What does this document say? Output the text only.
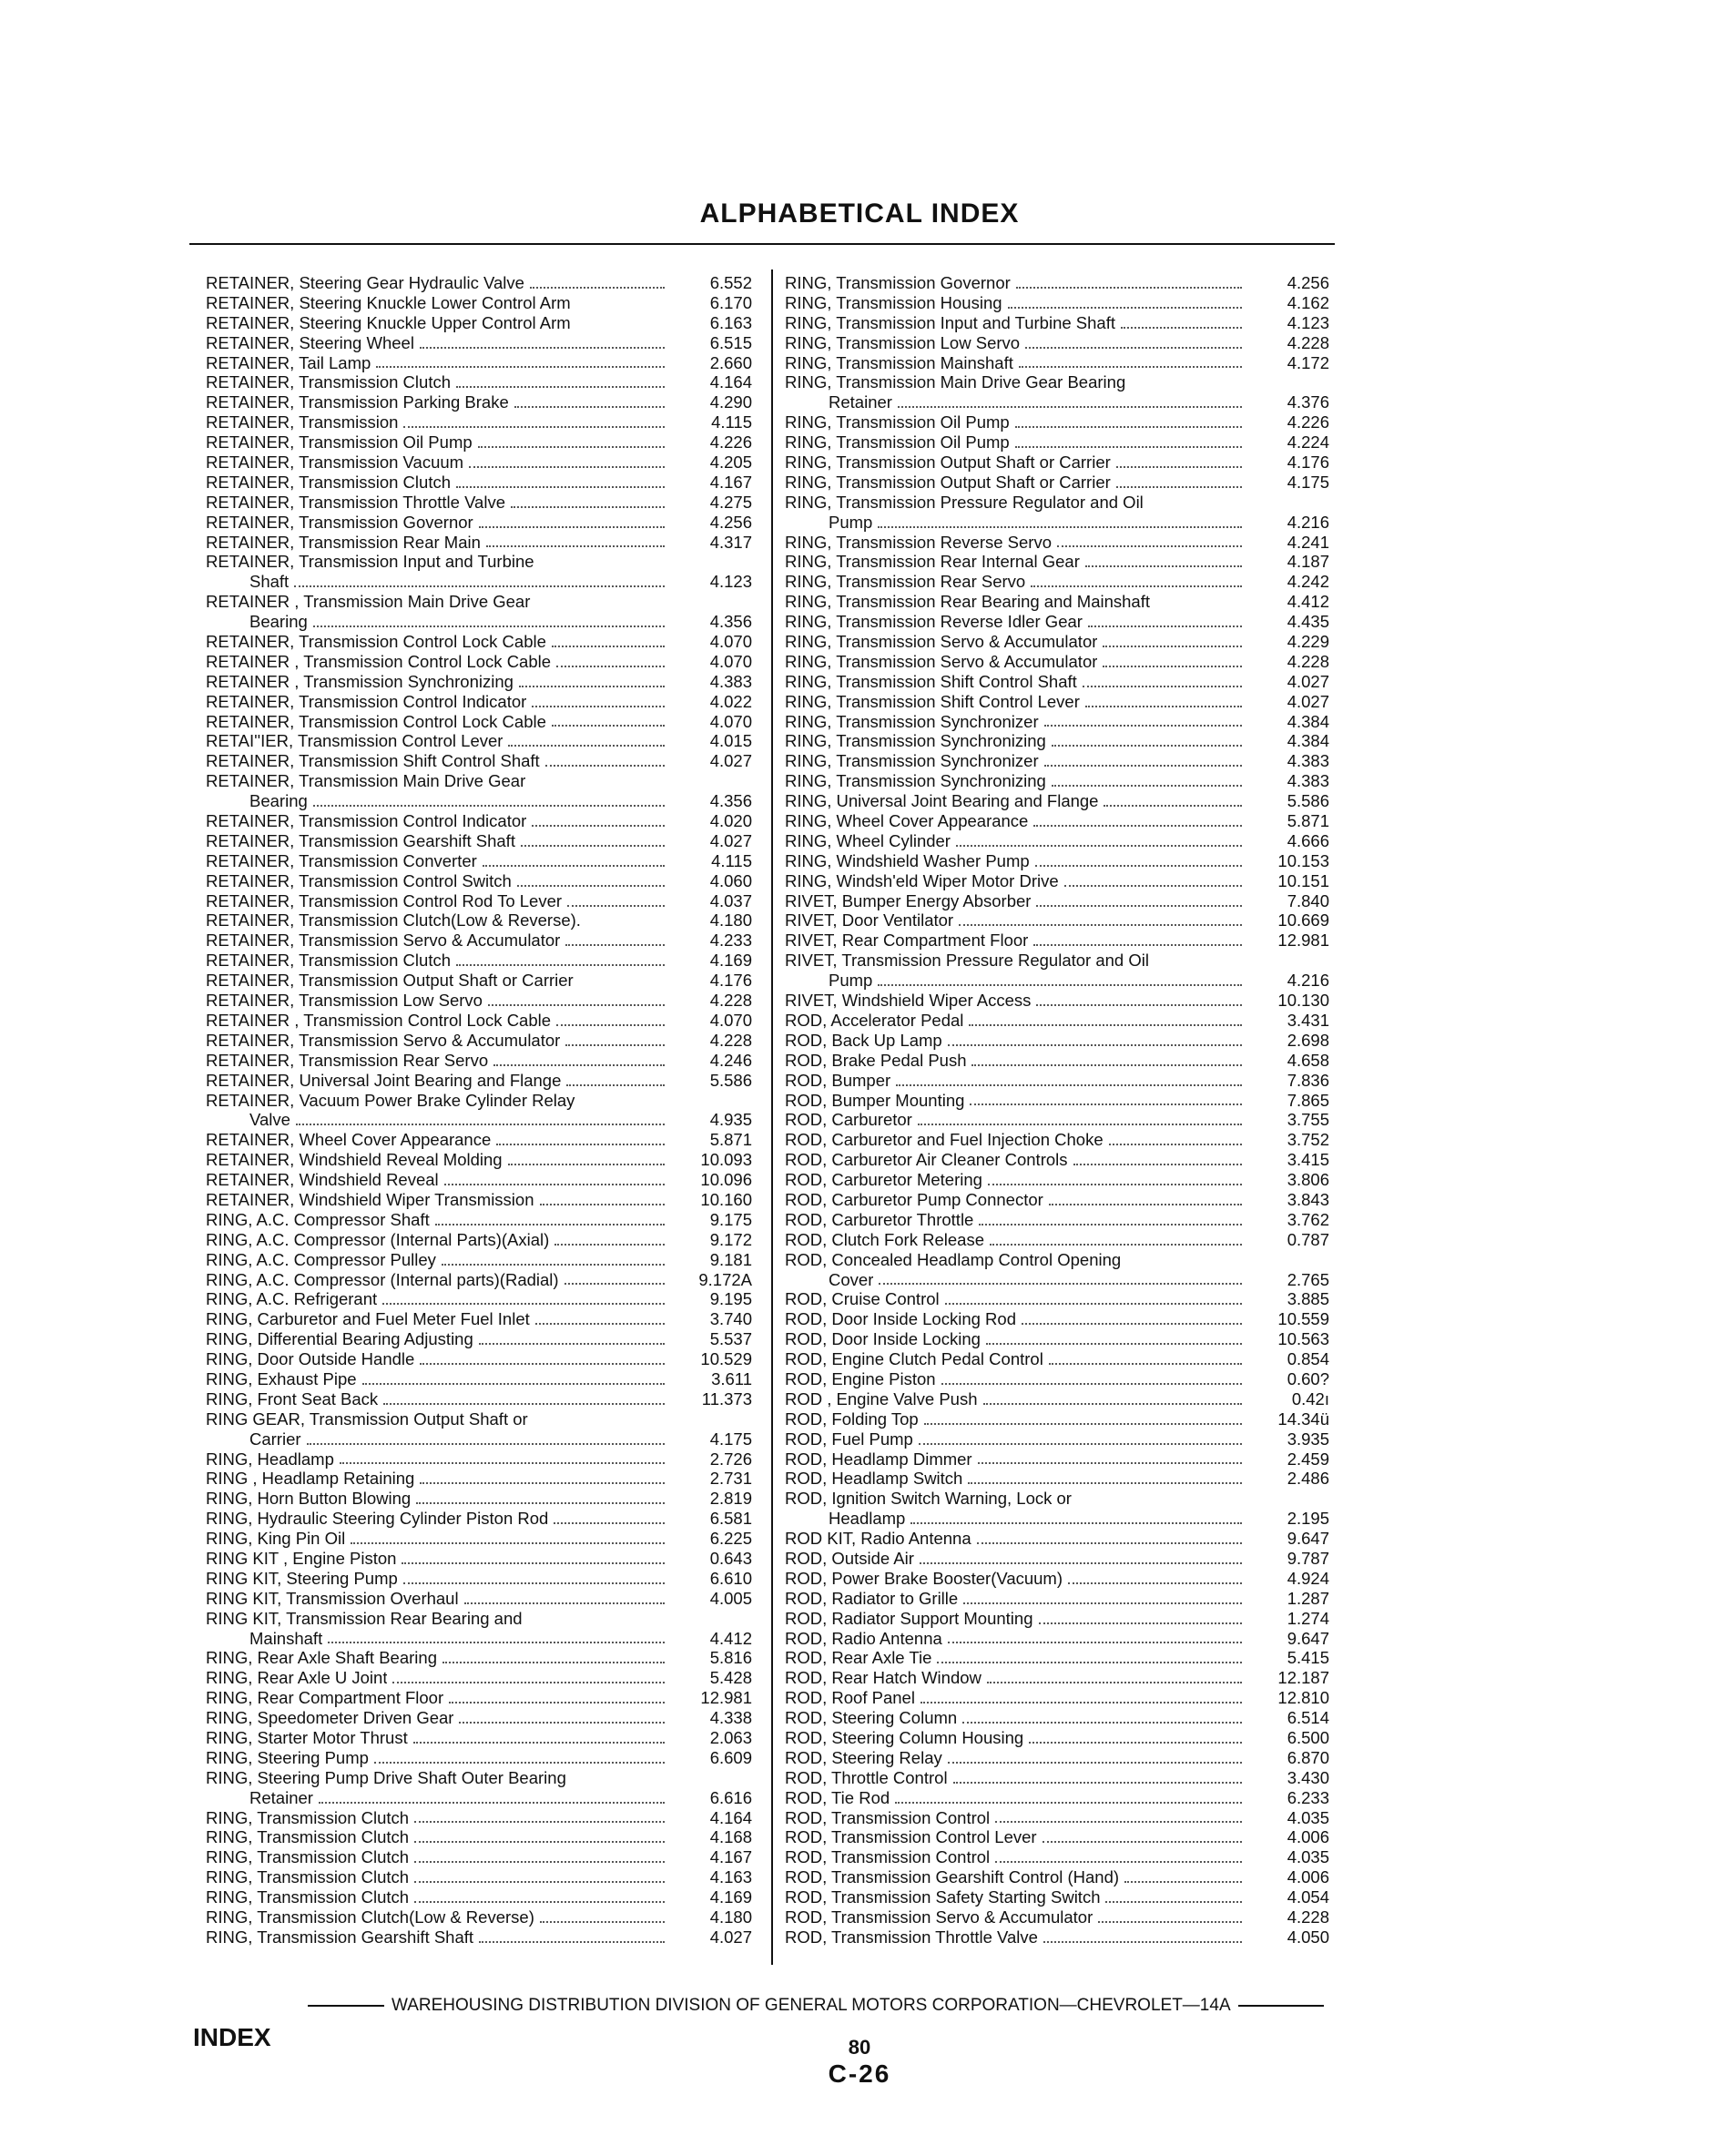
ALPHABETICAL INDEX
RETAINER, Steering Gear Hydraulic Valve	6.552
RETAINER, Steering Knuckle Lower Control Arm	6.170
RETAINER, Steering Knuckle Upper Control Arm	6.163
RETAINER, Steering Wheel	6.515
RETAINER, Tail Lamp	2.660
RETAINER, Transmission Clutch	4.164
RETAINER, Transmission Parking Brake	4.290
RETAINER, Transmission	4.115
RETAINER, Transmission Oil Pump	4.226
RETAINER, Transmission Vacuum	4.205
RETAINER, Transmission Clutch	4.167
RETAINER, Transmission Throttle Valve	4.275
RETAINER, Transmission Governor	4.256
RETAINER, Transmission Rear Main	4.317
RETAINER, Transmission Input and Turbine
Shaft	4.123
RETAINER , Transmission Main Drive Gear
Bearing	4.356
RETAINER, Transmission Control Lock Cable	4.070
RETAINER , Transmission Control Lock Cable	4.070
RETAINER , Transmission Synchronizing	4.383
RETAINER, Transmission Control Indicator	4.022
RETAINER, Transmission Control Lock Cable	4.070
RETAI''IER, Transmission Control Lever	4.015
RETAINER, Transmission Shift Control Shaft	4.027
RETAINER, Transmission Main Drive Gear
Bearing	4.356
RETAINER, Transmission Control Indicator	4.020
RETAINER, Transmission Gearshift Shaft	4.027
RETAINER, Transmission Converter	4.115
RETAINER, Transmission Control Switch	4.060
RETAINER, Transmission Control Rod To Lever	4.037
RETAINER, Transmission Clutch(Low & Reverse).	4.180
RETAINER, Transmission Servo & Accumulator	4.233
RETAINER, Transmission Clutch	4.169
RETAINER, Transmission Output Shaft or Carrier	4.176
RETAINER, Transmission Low Servo	4.228
RETAINER , Transmission Control Lock Cable	4.070
RETAINER, Transmission Servo & Accumulator	4.228
RETAINER, Transmission Rear Servo	4.246
RETAINER, Universal Joint Bearing and Flange	5.586
RETAINER, Vacuum Power Brake Cylinder Relay
Valve	4.935
RETAINER, Wheel Cover Appearance	5.871
RETAINER, Windshield Reveal Molding	10.093
RETAINER, Windshield Reveal	10.096
RETAINER, Windshield Wiper Transmission	10.160
RING, A.C. Compressor Shaft	9.175
RING, A.C. Compressor (Internal Parts)(Axial)	9.172
RING, A.C. Compressor Pulley	9.181
RING, A.C. Compressor (Internal parts)(Radial)	9.172A
RING, A.C. Refrigerant	9.195
RING, Carburetor and Fuel Meter Fuel Inlet	3.740
RING, Differential Bearing Adjusting	5.537
RING, Door Outside Handle	10.529
RING, Exhaust Pipe	3.611
RING, Front Seat Back	11.373
RING GEAR, Transmission Output Shaft or
Carrier	4.175
RING, Headlamp	2.726
RING , Headlamp Retaining	2.731
RING, Horn Button Blowing	2.819
RING, Hydraulic Steering Cylinder Piston Rod	6.581
RING, King Pin Oil	6.225
RING KIT , Engine Piston	0.643
RING KIT, Steering Pump	6.610
RING KIT, Transmission Overhaul	4.005
RING KIT, Transmission Rear Bearing and
Mainshaft	4.412
RING, Rear Axle Shaft Bearing	5.816
RING, Rear Axle U Joint	5.428
RING, Rear Compartment Floor	12.981
RING, Speedometer Driven Gear	4.338
RING, Starter Motor Thrust	2.063
RING, Steering Pump	6.609
RING, Steering Pump Drive Shaft Outer Bearing
Retainer	6.616
RING, Transmission Clutch	4.164
RING, Transmission Clutch	4.168
RING, Transmission Clutch	4.167
RING, Transmission Clutch	4.163
RING, Transmission Clutch	4.169
RING, Transmission Clutch(Low & Reverse)	4.180
RING, Transmission Gearshift Shaft	4.027
RING, Transmission Governor	4.256
RING, Transmission Housing	4.162
RING, Transmission Input and Turbine Shaft	4.123
RING, Transmission Low Servo	4.228
RING, Transmission Mainshaft	4.172
RING, Transmission Main Drive Gear Bearing
Retainer	4.376
RING, Transmission Oil Pump	4.226
RING, Transmission Oil Pump	4.224
RING, Transmission Output Shaft or Carrier	4.176
RING, Transmission Output Shaft or Carrier	4.175
RING, Transmission Pressure Regulator and Oil
Pump	4.216
RING, Transmission Reverse Servo	4.241
RING, Transmission Rear Internal Gear	4.187
RING, Transmission Rear Servo	4.242
RING, Transmission Rear Bearing and Mainshaft	4.412
RING, Transmission Reverse Idler Gear	4.435
RING, Transmission Servo & Accumulator	4.229
RING, Transmission Servo & Accumulator	4.228
RING, Transmission Shift Control Shaft	4.027
RING, Transmission Shift Control Lever	4.027
RING, Transmission Synchronizer	4.384
RING, Transmission Synchronizing	4.384
RING, Transmission Synchronizer	4.383
RING, Transmission Synchronizing	4.383
RING, Universal Joint Bearing and Flange	5.586
RING, Wheel Cover Appearance	5.871
RING, Wheel Cylinder	4.666
RING, Windshield Washer Pump	10.153
RING, Windsh'eld Wiper Motor Drive	10.151
RIVET, Bumper Energy Absorber	7.840
RIVET, Door Ventilator	10.669
RIVET, Rear Compartment Floor	12.981
RIVET, Transmission Pressure Regulator and Oil
Pump	4.216
RIVET, Windshield Wiper Access	10.130
ROD, Accelerator Pedal	3.431
ROD, Back Up Lamp	2.698
ROD, Brake Pedal Push	4.658
ROD, Bumper	7.836
ROD, Bumper Mounting	7.865
ROD, Carburetor	3.755
ROD, Carburetor and Fuel Injection Choke	3.752
ROD, Carburetor Air Cleaner Controls	3.415
ROD, Carburetor Metering	3.806
ROD, Carburetor Pump Connector	3.843
ROD, Carburetor Throttle	3.762
ROD, Clutch Fork Release	0.787
ROD, Concealed Headlamp Control Opening
Cover	2.765
ROD, Cruise Control	3.885
ROD, Door Inside Locking Rod	10.559
ROD, Door Inside Locking	10.563
ROD, Engine Clutch Pedal Control	0.854
ROD, Engine Piston	0.60?
ROD , Engine Valve Push	0.42ı
ROD, Folding Top	14.34ü
ROD, Fuel Pump	3.935
ROD, Headlamp Dimmer	2.459
ROD, Headlamp Switch	2.486
ROD, Ignition Switch Warning, Lock or
Headlamp	2.195
ROD KIT, Radio Antenna	9.647
ROD, Outside Air	9.787
ROD, Power Brake Booster(Vacuum)	4.924
ROD, Radiator to Grille	1.287
ROD, Radiator Support Mounting	1.274
ROD, Radio Antenna	9.647
ROD, Rear Axle Tie	5.415
ROD, Rear Hatch Window	12.187
ROD, Roof Panel	12.810
ROD, Steering Column	6.514
ROD, Steering Column Housing	6.500
ROD, Steering Relay	6.870
ROD, Throttle Control	3.430
ROD, Tie Rod	6.233
ROD, Transmission Control	4.035
ROD, Transmission Control Lever	4.006
ROD, Transmission Control	4.035
ROD, Transmission Gearshift Control (Hand)	4.006
ROD, Transmission Safety Starting Switch	4.054
ROD, Transmission Servo & Accumulator	4.228
ROD, Transmission Throttle Valve	4.050
WAREHOUSING DISTRIBUTION DIVISION OF GENERAL MOTORS CORPORATION—CHEVROLET—14A
INDEX	80
C-26
